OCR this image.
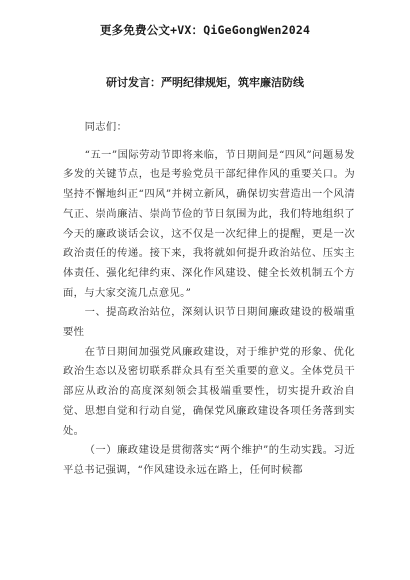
更多免费公文+VX：QiGeGongWen2024
研讨发言：严明纪律规矩，筑牢廉洁防线

同志们：

“五一”国际劳动节即将来临，节日期间是“四风”问题易发多发的关键节点，也是考验党员干部纪律作风的重要关口。为坚持不懈地纠正“四风”并树立新风，确保切实营造出一个风清气正、崇尚廉洁、崇尚节俭的节日氛围为此，我们特地组织了今天的廉政谈话会议，这不仅是一次纪律上的提醒，更是一次政治责任的传递。接下来，我将就如何提升政治站位、压实主体责任、强化纪律约束、深化作风建设、健全长效机制五个方面，与大家交流几点意见。”

一、提高政治站位，深刻认识节日期间廉政建设的极端重要性

在节日期间加强党风廉政建设，对于维护党的形象、优化政治生态以及密切联系群众具有至关重要的意义。全体党员干部应从政治的高度深刻领会其极端重要性，切实提升政治自觉、思想自觉和行动自觉，确保党风廉政建设各项任务落到实处。

（一）廉政建设是贯彻落实“两个维护”的生动实践。习近平总书记强调，“作风建设永远在路上，任何时候都
